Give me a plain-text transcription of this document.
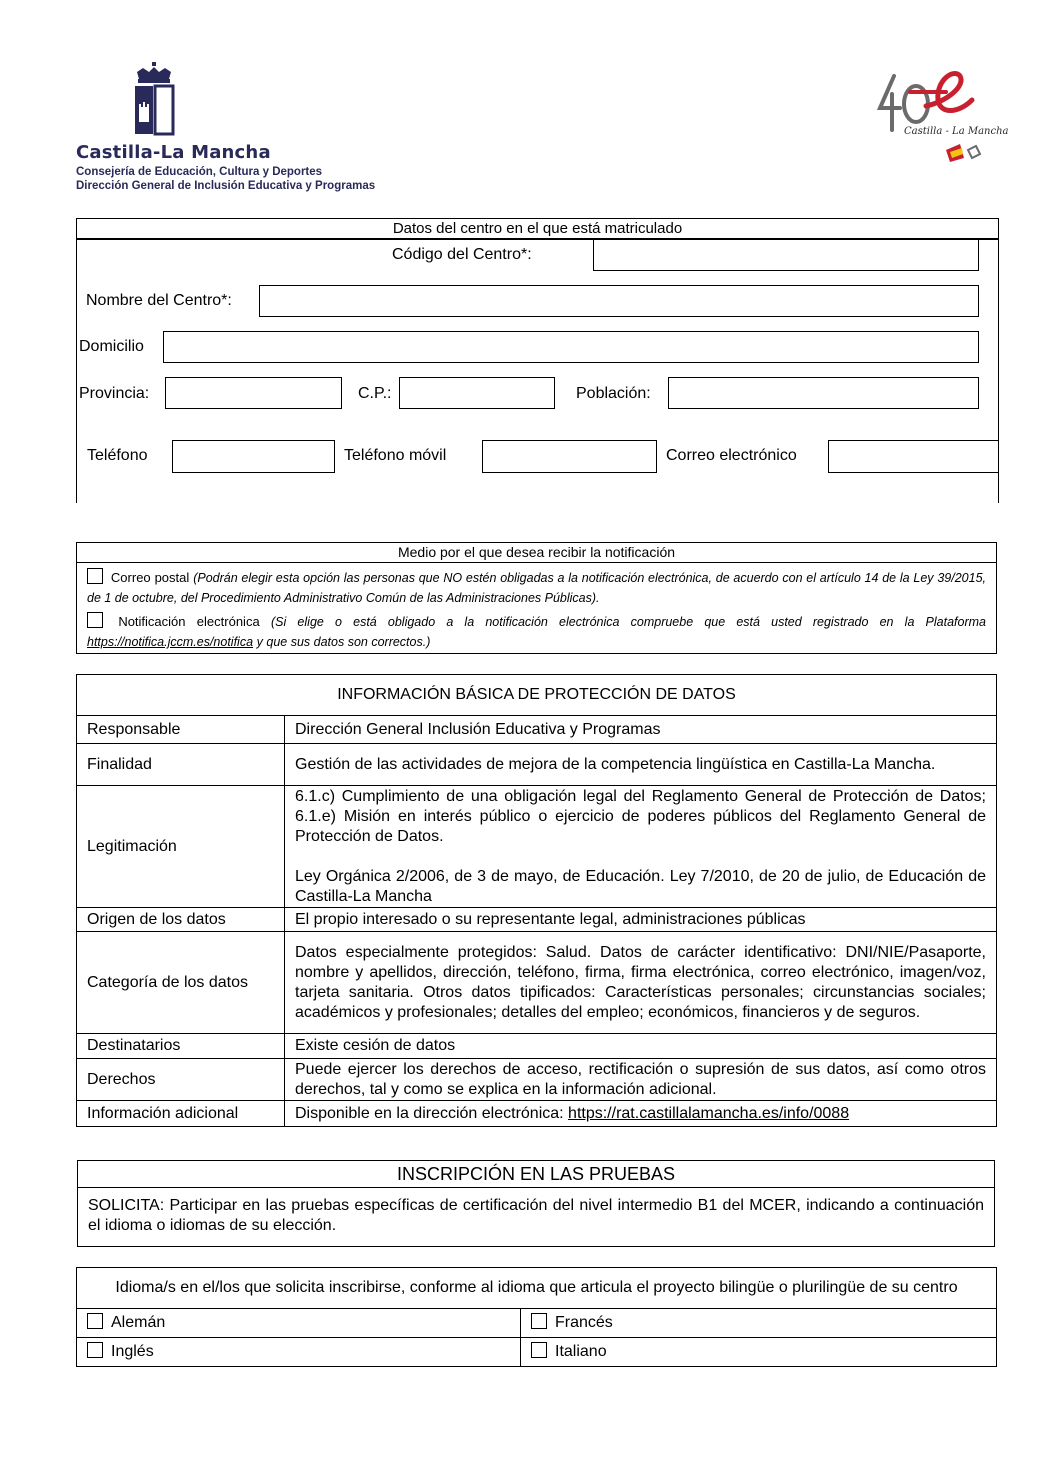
Castilla-La Mancha
Consejería de Educación, Cultura y Deportes
Dirección General de Inclusión Educativa y Programas
Castilla - La Mancha
Datos del centro en el que está matriculado
Código del Centro*:
Nombre del Centro*:
Domicilio
Provincia:	C.P.:	Población:
Teléfono	Teléfono móvil	Correo electrónico
Medio por el que desea recibir la notificación
Correo postal (Podrán elegir esta opción las personas que NO estén obligadas a la notificación electrónica, de acuerdo con el artículo 14 de la Ley 39/2015, de 1 de octubre, del Procedimiento Administrativo Común de las Administraciones Públicas).
Notificación electrónica (Si elige o está obligado a la notificación electrónica compruebe que está usted registrado en la Plataforma https://notifica.jccm.es/notifica y que sus datos son correctos.)
INFORMACIÓN BÁSICA DE PROTECCIÓN DE DATOS	
Responsable	Dirección General Inclusión Educativa y Programas
Finalidad	Gestión de las actividades de mejora de la competencia lingüística en Castilla-La Mancha.
Legitimación	6.1.c) Cumplimiento de una obligación legal del Reglamento General de Protección de Datos; 6.1.e) Misión en interés público o ejercicio de poderes públicos del Reglamento General de Protección de Datos.
Ley Orgánica 2/2006, de 3 de mayo, de Educación. Ley 7/2010, de 20 de julio, de Educación de Castilla-La Mancha

Origen de los datos	El propio interesado o su representante legal, administraciones públicas
Categoría de los datos	Datos especialmente protegidos: Salud. Datos de carácter identificativo: DNI/NIE/Pasaporte, nombre y apellidos, dirección, teléfono, firma, firma electrónica, correo electrónico, imagen/voz, tarjeta sanitaria. Otros datos tipificados: Características personales; circunstancias sociales; académicos y profesionales; detalles del empleo; económicos, financieros y de seguros.
Destinatarios	Existe cesión de datos
Derechos	Puede ejercer los derechos de acceso, rectificación o supresión de sus datos, así como otros derechos, tal y como se explica en la información adicional.
Información adicional	Disponible en la dirección electrónica: https://rat.castillalamancha.es/info/0088
INSCRIPCIÓN EN LAS PRUEBAS
SOLICITA: Participar en las pruebas específicas de certificación del nivel intermedio B1 del MCER, indicando a continuación el idioma o idiomas de su elección.
Idioma/s en el/los que solicita inscribirse, conforme al idioma que articula el proyecto bilingüe o plurilingüe de su centro	
Alemán	Francés
Inglés	Italiano
